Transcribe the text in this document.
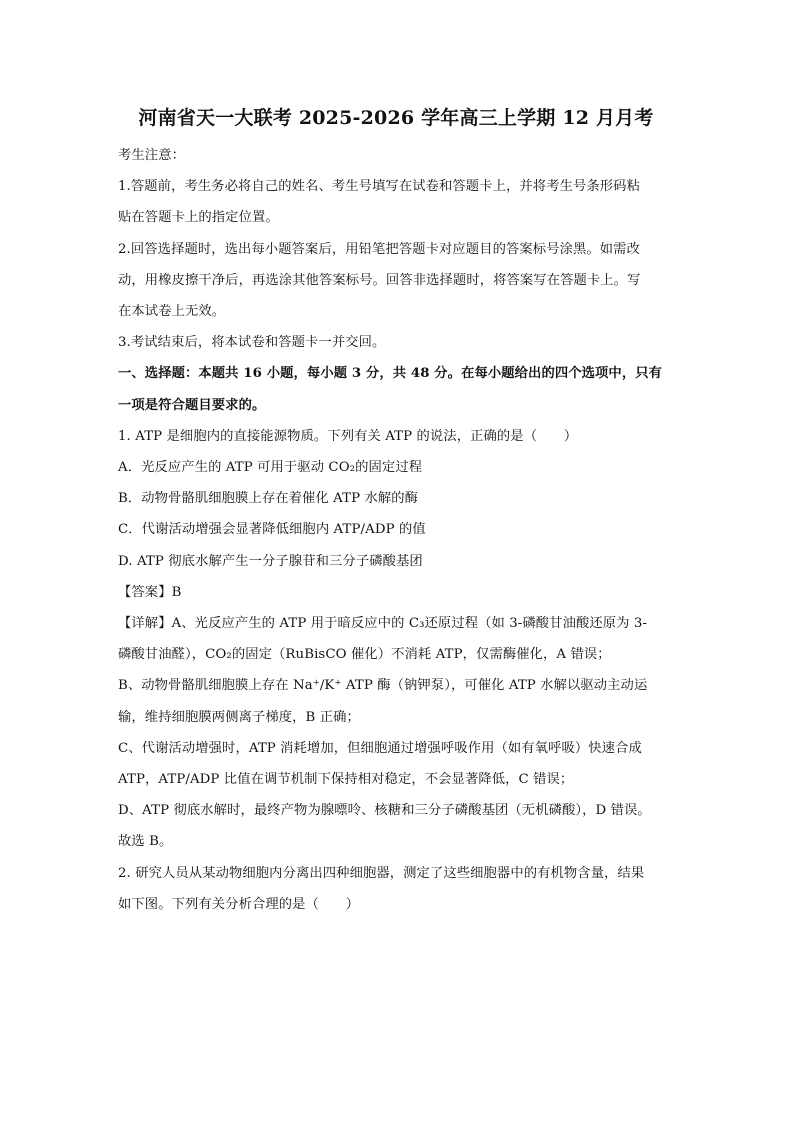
河南省天一大联考 2025-2026 学年高三上学期 12 月月考
考生注意：
1.答题前，考生务必将自己的姓名、考生号填写在试卷和答题卡上，并将考生号条形码粘
贴在答题卡上的指定位置。
2.回答选择题时，选出每小题答案后，用铅笔把答题卡对应题目的答案标号涂黑。如需改
动，用橡皮擦干净后，再选涂其他答案标号。回答非选择题时，将答案写在答题卡上。写
在本试卷上无效。
3.考试结束后，将本试卷和答题卡一并交回。
一、选择题：本题共 16 小题，每小题 3 分，共 48 分。在每小题给出的四个选项中，只有
一项是符合题目要求的。
1. ATP 是细胞内的直接能源物质。下列有关 ATP 的说法，正确的是（　　）
A．光反应产生的 ATP 可用于驱动 CO₂的固定过程
B．动物骨骼肌细胞膜上存在着催化 ATP 水解的酶
C．代谢活动增强会显著降低细胞内 ATP/ADP 的值
D. ATP 彻底水解产生一分子腺苷和三分子磷酸基团
【答案】B
【详解】A、光反应产生的 ATP 用于暗反应中的 C₃还原过程（如 3-磷酸甘油酸还原为 3-
磷酸甘油醛），CO₂的固定（RuBisCO 催化）不消耗 ATP，仅需酶催化，A 错误；
B、动物骨骼肌细胞膜上存在 Na⁺/K⁺ ATP 酶（钠钾泵），可催化 ATP 水解以驱动主动运
输，维持细胞膜两侧离子梯度，B 正确；
C、代谢活动增强时，ATP 消耗增加，但细胞通过增强呼吸作用（如有氧呼吸）快速合成
ATP，ATP/ADP 比值在调节机制下保持相对稳定，不会显著降低，C 错误；
D、ATP 彻底水解时，最终产物为腺嘌呤、核糖和三分子磷酸基团（无机磷酸），D 错误。
故选 B。
2. 研究人员从某动物细胞内分离出四种细胞器，测定了这些细胞器中的有机物含量，结果
如下图。下列有关分析合理的是（　　）
